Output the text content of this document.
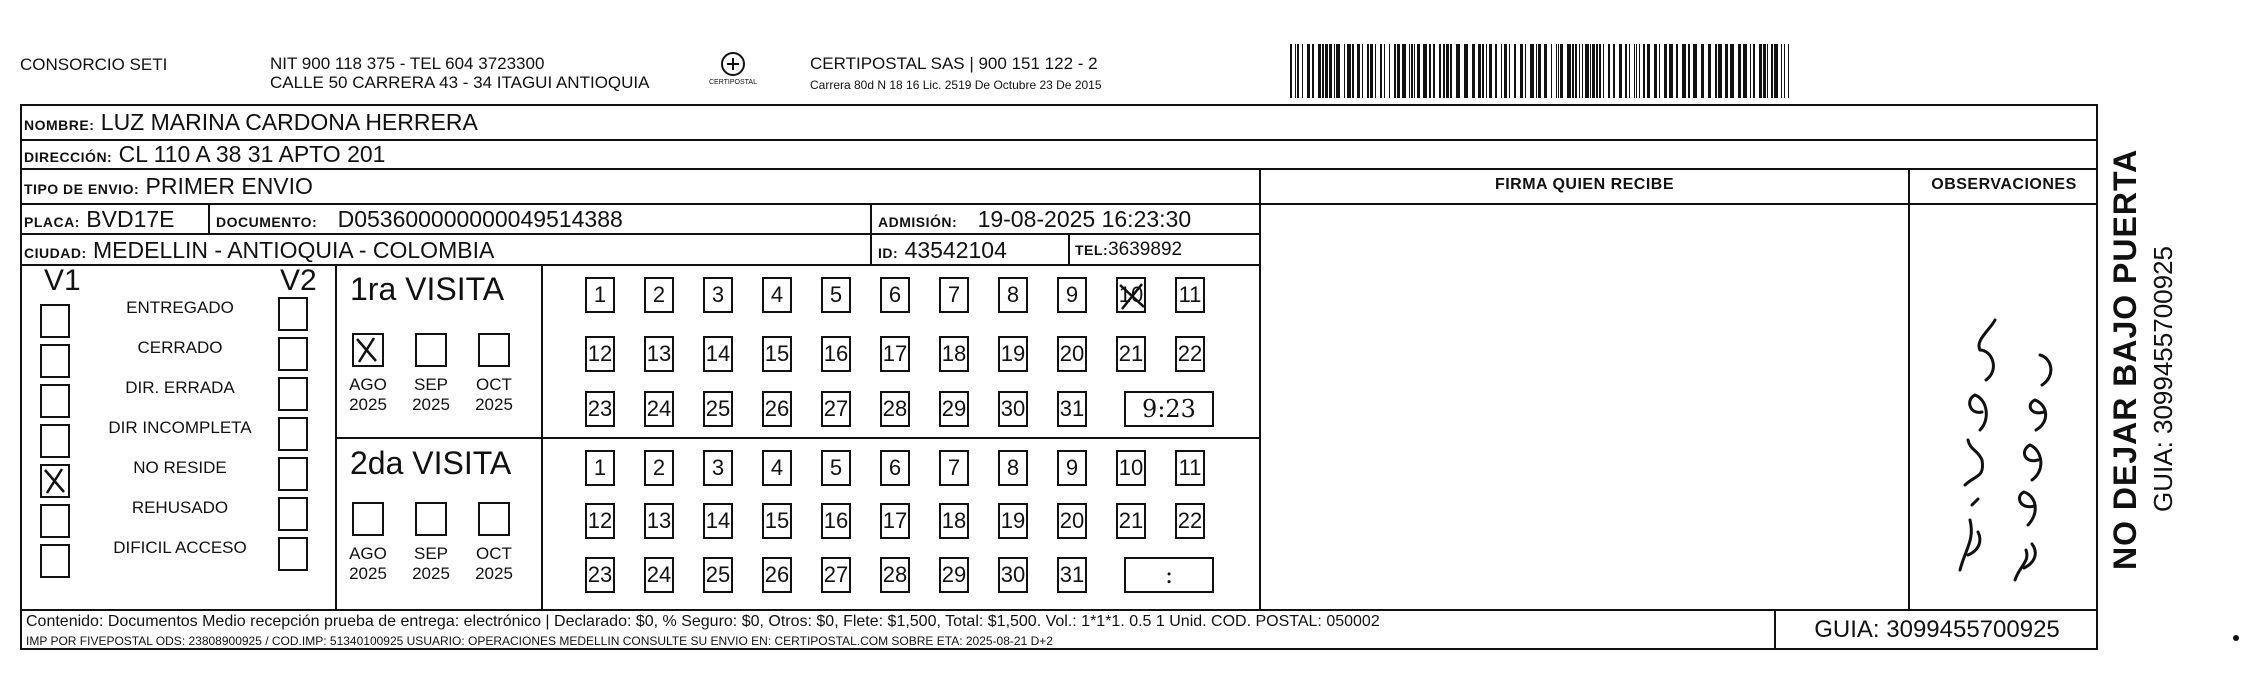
CONSORCIO SETI	NIT 900 118 375 - TEL 604 3723300
CALLE 50 CARRERA 43 - 34 ITAGUI ANTIOQUIA	CERTIPOSTAL
CERTIPOSTAL SAS | 900 151 122 - 2
Carrera 80d N 18 16 Lic. 2519 De Octubre 23 De 2015
NOMBRE: LUZ MARINA CARDONA HERRERA
DIRECCIÓN: CL 110 A 38 31 APTO 201
TIPO DE ENVIO: PRIMER ENVIO
PLACA: BVD17E	DOCUMENTO: D053600000000049514388	ADMISIÓN: 19-08-2025 16:23:30
CIUDAD: MEDELLIN - ANTIOQUIA - COLOMBIA	ID: 43542104	TEL:3639892
FIRMA QUIEN RECIBE	OBSERVACIONES
V1	V2
ENTREGADO
CERRADO
DIR. ERRADA
DIR INCOMPLETA
NO RESIDE
REHUSADO
DIFICIL ACCESO
1ra VISITA
AGO
2025
SEP
2025
OCT
2025
1	2	3	4	5	6	7	8	9	10 11
12 13 14 15 16 17 18 19 20 21 22
23 24 25 26 27 28 29 30 31	9:23
2da VISITA
AGO
2025
SEP
2025
OCT
2025
1	2	3	4	5	6	7	8	9	10 11
12 13 14 15 16 17 18 19 20 21 22
23 24 25 26 27 28 29 30 31	:
Contenido: Documentos Medio recepción prueba de entrega: electrónico | Declarado: $0, % Seguro: $0, Otros: $0, Flete: $1,500, Total: $1,500. Vol.: 1*1*1. 0.5 1 Unid. COD. POSTAL: 050002
IMP POR FIVEPOSTAL ODS: 23808900925 / COD.IMP: 51340100925 USUARIO: OPERACIONES MEDELLIN CONSULTE SU ENVIO EN: CERTIPOSTAL.COM SOBRE ETA: 2025-08-21 D+2	GUIA: 3099455700925
NO DEJAR BAJO PUERTA GUIA: 3099455700925
